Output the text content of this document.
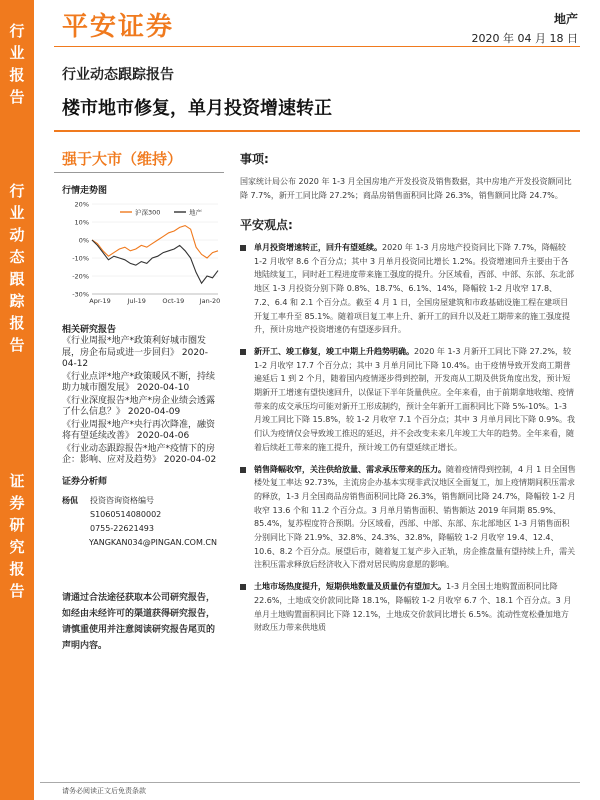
行
业
报
告
行
业
动
态
跟
踪
报
告
证
券
研
究
报
告
平安证券	地产
2020 年 04 月 18 日
行业动态跟踪报告
楼市地市修复，单月投资增速转正
强于大市（维持）
行情走势图
20%
10%
0%
-10%
-20%
-30%
Apr-19	Jul-19	Oct-19 Jan-20
沪深300	地产
相关研究报告
《行业周报*地产*政策利好城市圈发展，房企布局或进一步回归》 2020-04-12
《行业点评*地产*政策暖风不断，持续助力城市圈发展》 2020-04-10
《行业深度报告*地产*房企业绩会透露了什么信息？》 2020-04-09
《行业周报*地产*央行再次降准，融资将有望延续改善》 2020-04-06
《行业动态跟踪报告*地产*疫情下的房企：影响、应对及趋势》 2020-04-02
证券分析师
杨侃	投资咨询资格编号
S1060514080002
0755-22621493
YANGKAN034@PINGAN.COM.CN
请通过合法途径获取本公司研究报告，如经由未经许可的渠道获得研究报告，请慎重使用并注意阅读研究报告尾页的声明内容。
事项:
国家统计局公布 2020 年 1-3 月全国房地产开发投资及销售数据，其中房地产开发投资额同比降 7.7%，新开工同比降 27.2%；商品房销售面积同比降 26.3%，销售额同比降 24.7%。
平安观点:
单月投资增速转正，回升有望延续。2020 年 1-3 月房地产投资同比下降 7.7%，降幅较 1-2 月收窄 8.6 个百分点；其中 3 月单月投资同比增长 1.2%。投资增速回升主要由于各地陆续复工，同时赶工程进度带来施工强度的提升。分区域看，西部、中部、东部、东北部地区 1-3 月投资分别下降 0.8%、18.7%、6.1%、14%，降幅较 1-2 月收窄 17.8、7.2、6.4 和 2.1 个百分点。截至 4 月 1 日，全国房屋建筑和市政基础设施工程在建项目开复工率升至 85.1%。随着项目复工率上升、新开工的回升以及赶工期带来的施工强度提升，预计房地产投资增速仍有望逐步回升。
新开工、竣工修复，竣工中期上升趋势明确。2020 年 1-3 月新开工同比下降 27.2%，较 1-2 月收窄 17.7 个百分点；其中 3 月单月同比下降 10.4%。由于疫情导致开发商工期普遍延后 1 到 2 个月，随着国内疫情逐步得到控制，开发商从工期及供货角度出发，预计短期新开工增速有望快速回升，以保证下半年货量供应。全年来看，由于前期拿地收缩、疫情带来的成交承压均可能对新开工形成制约，预计全年新开工面积同比下降 5%-10%。1-3 月竣工同比下降 15.8%，较 1-2 月收窄 7.1 个百分点；其中 3 月单月同比下降 0.9%。我们认为疫情仅会导致竣工推迟的延迟，并不会改变未来几年竣工大年的趋势。全年来看，随着后续赶工带来的施工提升，预计竣工仍有望延续正增长。
销售降幅收窄，关注供给放量、需求承压带来的压力。随着疫情得到控制，4 月 1 日全国售楼处复工率达 92.73%，主流房企办基本实现非武汉地区全面复工，加上疫情期间积压需求的释放，1-3 月全国商品房销售面积同比降 26.3%，销售额同比降 24.7%，降幅较 1-2 月收窄 13.6 个和 11.2 个百分点。3 月单月销售面积、销售额达 2019 年同期 85.9%、85.4%，复苏程度符合预期。分区域看，西部、中部、东部、东北部地区 1-3 月销售面积分别同比下降 21.9%、32.8%、24.3%、32.8%，降幅较 1-2 月收窄 19.4、12.4、10.6、8.2 个百分点。展望后市，随着复工复产步入正轨，房企推盘量有望持续上升，需关注积压需求释放后经济收入下滑对居民购房意愿的影响。
土地市场热度提升，短期供地数量及质量仍有望加大。1-3 月全国土地购置面积同比降 22.6%，土地成交价款同比降 18.1%，降幅较 1-2 月收窄 6.7 个、18.1 个百分点。3 月单月土地购置面积同比下降 12.1%，土地成交价款同比增长 6.5%。流动性宽松叠加地方财政压力带来供地质
请务必阅读正文后免责条款
